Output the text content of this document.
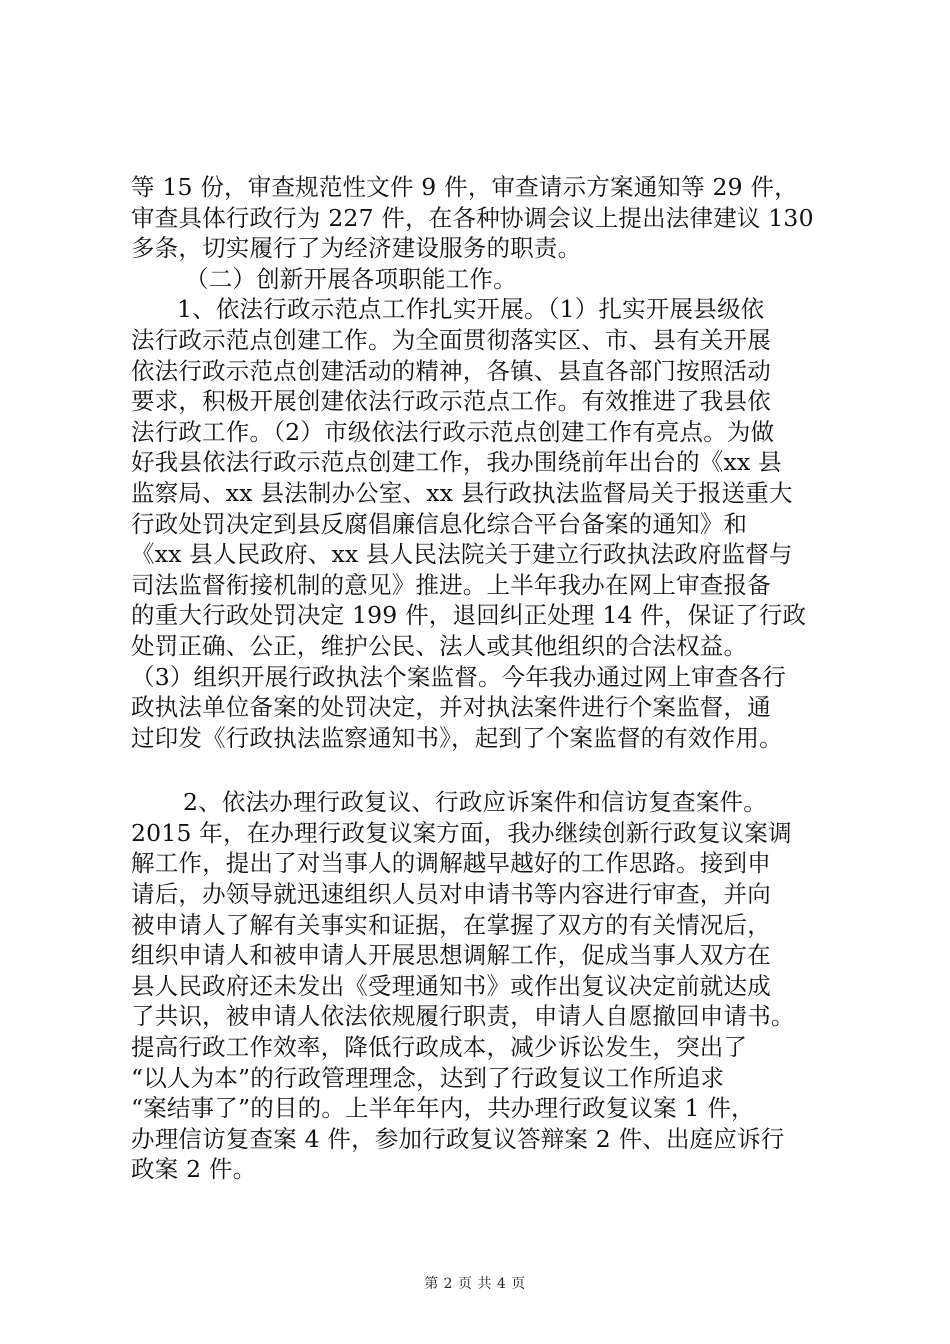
等 15 份，审查规范性文件 9 件，审查请示方案通知等 29 件，
审查具体行政行为 227 件，在各种协调会议上提出法律建议 130
多条，切实履行了为经济建设服务的职责。
（二）创新开展各项职能工作。
1、依法行政示范点工作扎实开展。（1）扎实开展县级依
法行政示范点创建工作。为全面贯彻落实区、市、县有关开展
依法行政示范点创建活动的精神，各镇、县直各部门按照活动
要求，积极开展创建依法行政示范点工作。有效推进了我县依
法行政工作。（2）市级依法行政示范点创建工作有亮点。为做
好我县依法行政示范点创建工作，我办围绕前年出台的《xx 县
监察局、xx 县法制办公室、xx 县行政执法监督局关于报送重大
行政处罚决定到县反腐倡廉信息化综合平台备案的通知》和
《xx 县人民政府、xx 县人民法院关于建立行政执法政府监督与
司法监督衔接机制的意见》推进。上半年我办在网上审查报备
的重大行政处罚决定 199 件，退回纠正处理 14 件，保证了行政
处罚正确、公正，维护公民、法人或其他组织的合法权益。
（3）组织开展行政执法个案监督。今年我办通过网上审查各行
政执法单位备案的处罚决定，并对执法案件进行个案监督，通
过印发《行政执法监察通知书》，起到了个案监督的有效作用。
2、依法办理行政复议、行政应诉案件和信访复查案件。
2015 年，在办理行政复议案方面，我办继续创新行政复议案调
解工作，提出了对当事人的调解越早越好的工作思路。接到申
请后，办领导就迅速组织人员对申请书等内容进行审查，并向
被申请人了解有关事实和证据，在掌握了双方的有关情况后，
组织申请人和被申请人开展思想调解工作，促成当事人双方在
县人民政府还未发出《受理通知书》或作出复议决定前就达成
了共识，被申请人依法依规履行职责，申请人自愿撤回申请书。
提高行政工作效率，降低行政成本，减少诉讼发生，突出了
“以人为本”的行政管理理念，达到了行政复议工作所追求
“案结事了”的目的。上半年年内，共办理行政复议案 1 件，
办理信访复查案 4 件，参加行政复议答辩案 2 件、出庭应诉行
政案 2 件。
第 2 页 共 4 页
